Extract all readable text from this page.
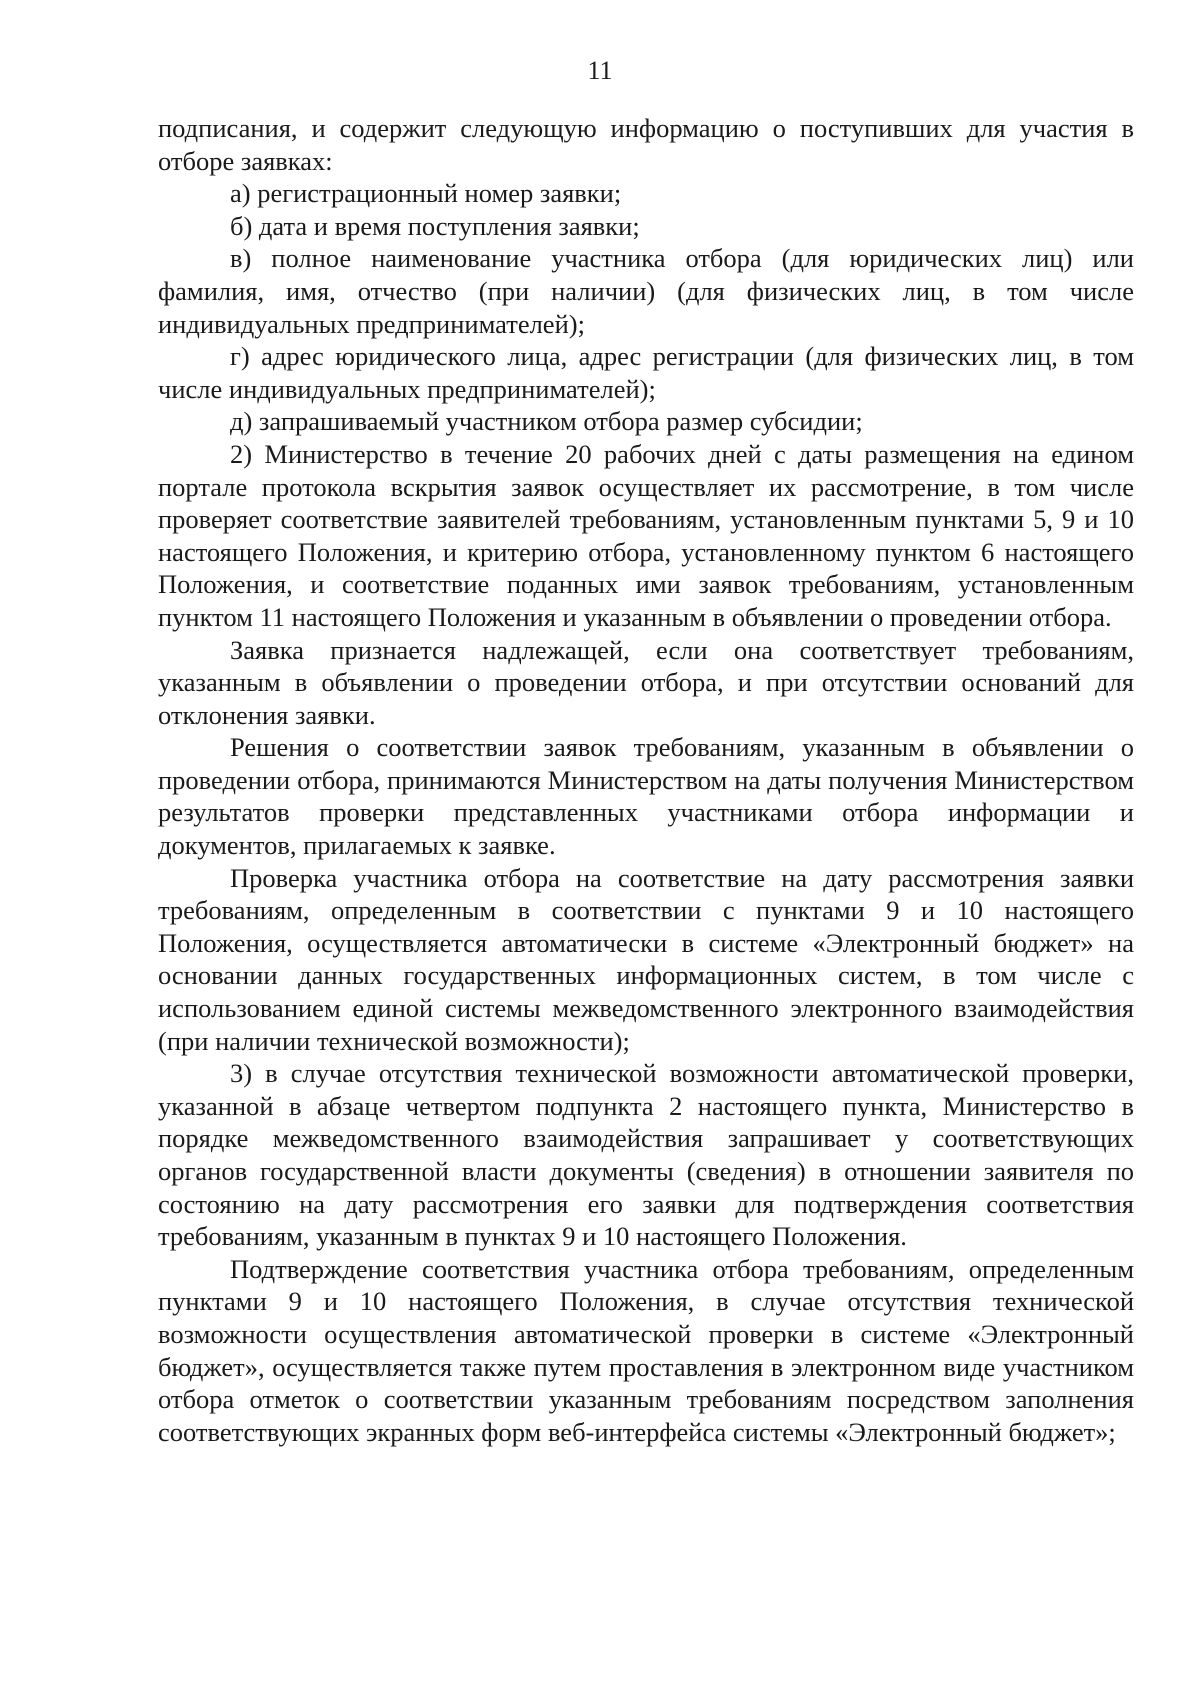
11

подписания, и содержит следующую информацию о поступивших для участия в отборе заявках:

а) регистрационный номер заявки;

б) дата и время поступления заявки;

в) полное наименование участника отбора (для юридических лиц) или фамилия, имя, отчество (при наличии) (для физических лиц, в том числе индивидуальных предпринимателей);

г) адрес юридического лица, адрес регистрации (для физических лиц, в том числе индивидуальных предпринимателей);

д) запрашиваемый участником отбора размер субсидии;

2) Министерство в течение 20 рабочих дней с даты размещения на едином портале протокола вскрытия заявок осуществляет их рассмотрение, в том числе проверяет соответствие заявителей требованиям, установленным пунктами 5, 9 и 10 настоящего Положения, и критерию отбора, установленному пунктом 6 настоящего Положения, и соответствие поданных ими заявок требованиям, установленным пунктом 11 настоящего Положения и указанным в объявлении о проведении отбора.

Заявка признается надлежащей, если она соответствует требованиям, указанным в объявлении о проведении отбора, и при отсутствии оснований для отклонения заявки.

Решения о соответствии заявок требованиям, указанным в объявлении о проведении отбора, принимаются Министерством на даты получения Министерством результатов проверки представленных участниками отбора информации и документов, прилагаемых к заявке.

Проверка участника отбора на соответствие на дату рассмотрения заявки требованиям, определенным в соответствии с пунктами 9 и 10 настоящего Положения, осуществляется автоматически в системе «Электронный бюджет» на основании данных государственных информационных систем, в том числе с использованием единой системы межведомственного электронного взаимодействия (при наличии технической возможности);

3) в случае отсутствия технической возможности автоматической проверки, указанной в абзаце четвертом подпункта 2 настоящего пункта, Министерство в порядке межведомственного взаимодействия запрашивает у соответствующих органов государственной власти документы (сведения) в отношении заявителя по состоянию на дату рассмотрения его заявки для подтверждения соответствия требованиям, указанным в пунктах 9 и 10 настоящего Положения.

Подтверждение соответствия участника отбора требованиям, определенным пунктами 9 и 10 настоящего Положения, в случае отсутствия технической возможности осуществления автоматической проверки в системе «Электронный бюджет», осуществляется также путем проставления в электронном виде участником отбора отметок о соответствии указанным требованиям посредством заполнения соответствующих экранных форм веб-интерфейса системы «Электронный бюджет»;
